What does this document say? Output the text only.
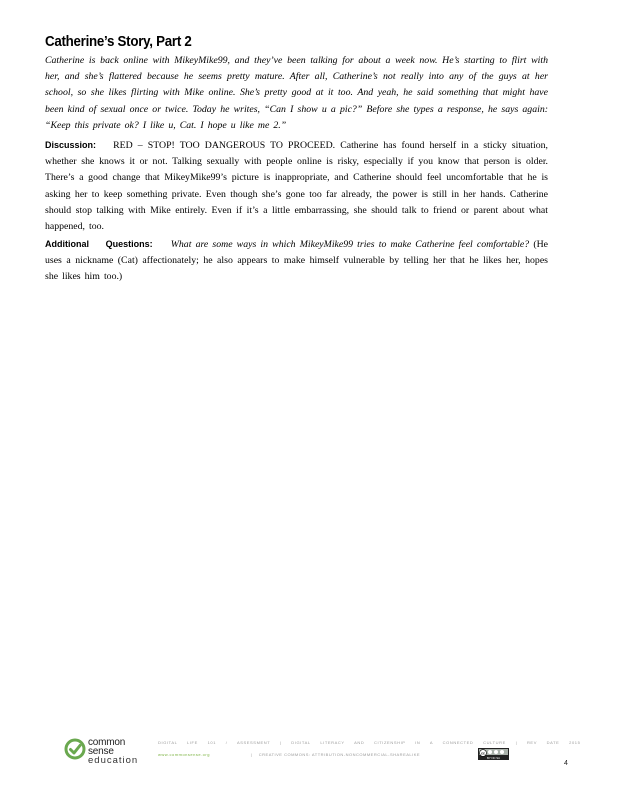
Catherine’s Story, Part 2
Catherine is back online with MikeyMike99, and they’ve been talking for about a week now. He’s starting to flirt with her, and she’s flattered because he seems pretty mature. After all, Catherine’s not really into any of the guys at her school, so she likes flirting with Mike online. She’s pretty good at it too. And yeah, he said something that might have been kind of sexual once or twice. Today he writes, “Can I show u a pic?” Before she types a response, he says again: “Keep this private ok? I like u, Cat. I hope u like me 2.”
Discussion: RED – STOP! TOO DANGEROUS TO PROCEED. Catherine has found herself in a sticky situation, whether she knows it or not. Talking sexually with people online is risky, especially if you know that person is older. There’s a good change that MikeyMike99’s picture is inappropriate, and Catherine should feel uncomfortable that he is asking her to keep something private. Even though she’s gone too far already, the power is still in her hands. Catherine should stop talking with Mike entirely. Even if it’s a little embarrassing, she should talk to friend or parent about what happened, too.
Additional Questions: What are some ways in which MikeyMike99 tries to make Catherine feel comfortable? (He uses a nickname (Cat) affectionately; he also appears to make himself vulnerable by telling her that he likes her, hopes she likes him too.)
common
sense
education
DIGITAL LIFE 101 / ASSESSMENT | DIGITAL LITERACY AND CITIZENSHIP IN A CONNECTED CULTURE | REV DATE 2015
www.commonsense.org	| CREATIVE COMMONS: ATTRIBUTION-NONCOMMERCIAL-SHAREALIKE	cc
BY NC SA
4
